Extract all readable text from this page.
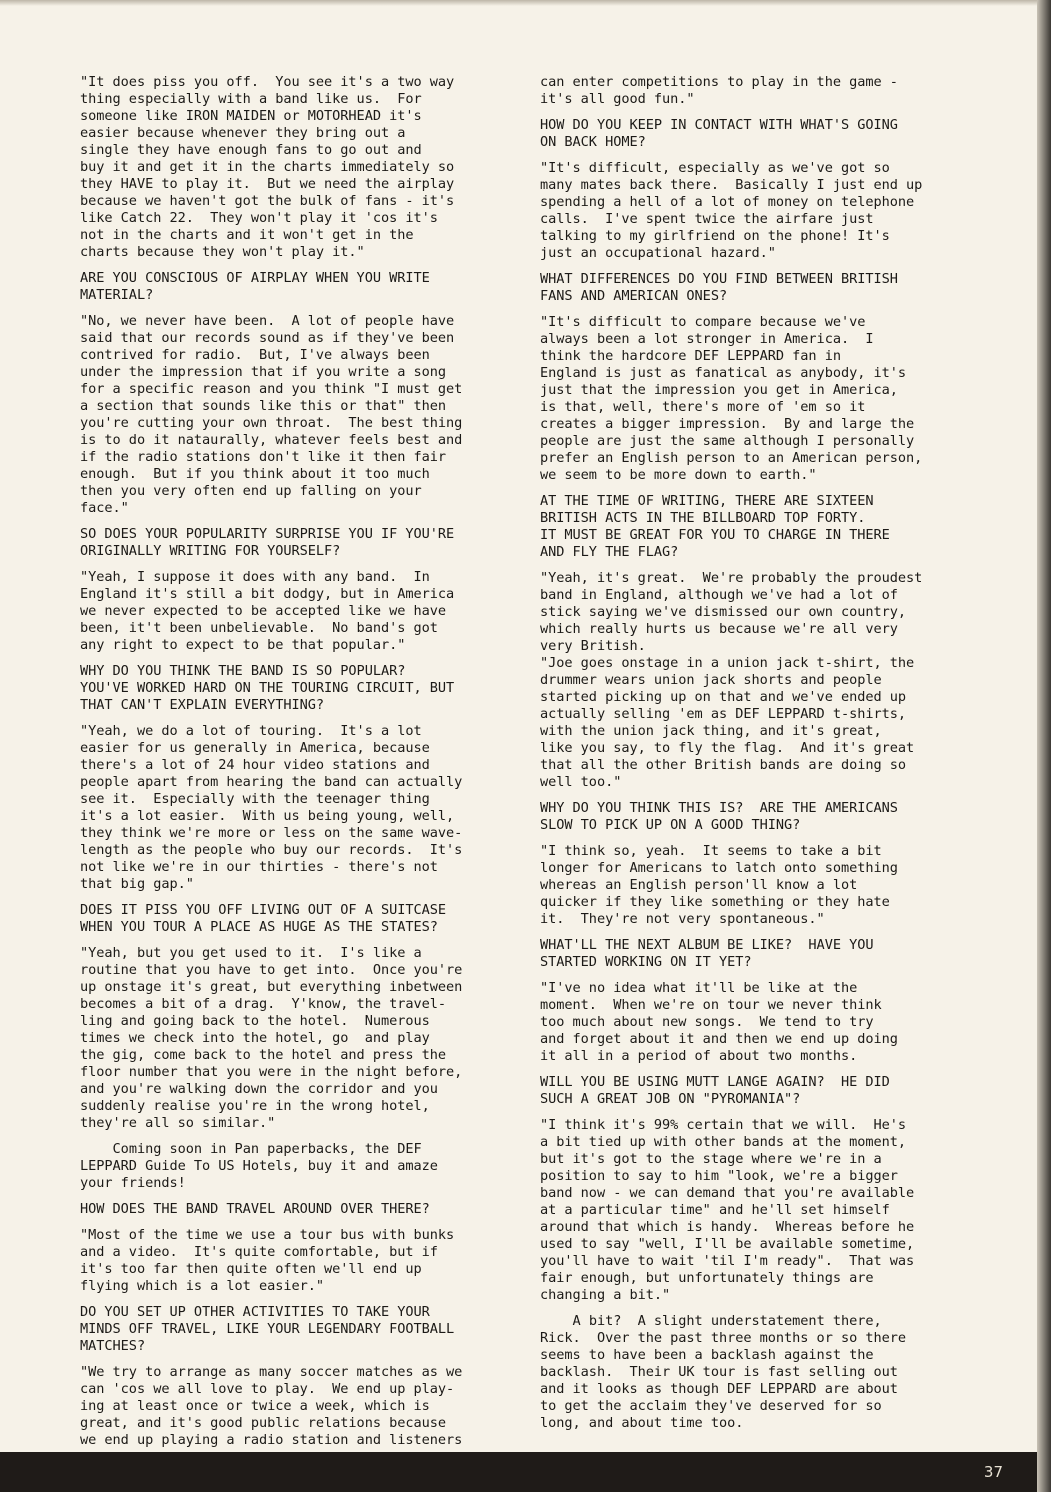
"It does piss you off.  You see it's a two way
thing especially with a band like us.  For
someone like IRON MAIDEN or MOTORHEAD it's
easier because whenever they bring out a
single they have enough fans to go out and
buy it and get it in the charts immediately so
they HAVE to play it.  But we need the airplay
because we haven't got the bulk of fans - it's
like Catch 22.  They won't play it 'cos it's
not in the charts and it won't get in the
charts because they won't play it."

ARE YOU CONSCIOUS OF AIRPLAY WHEN YOU WRITE
MATERIAL?

"No, we never have been.  A lot of people have
said that our records sound as if they've been
contrived for radio.  But, I've always been
under the impression that if you write a song
for a specific reason and you think "I must get
a section that sounds like this or that" then
you're cutting your own throat.  The best thing
is to do it nataurally, whatever feels best and
if the radio stations don't like it then fair
enough.  But if you think about it too much
then you very often end up falling on your
face."

SO DOES YOUR POPULARITY SURPRISE YOU IF YOU'RE
ORIGINALLY WRITING FOR YOURSELF?

"Yeah, I suppose it does with any band.  In
England it's still a bit dodgy, but in America
we never expected to be accepted like we have
been, it't been unbelievable.  No band's got
any right to expect to be that popular."

WHY DO YOU THINK THE BAND IS SO POPULAR?
YOU'VE WORKED HARD ON THE TOURING CIRCUIT, BUT
THAT CAN'T EXPLAIN EVERYTHING?

"Yeah, we do a lot of touring.  It's a lot
easier for us generally in America, because
there's a lot of 24 hour video stations and
people apart from hearing the band can actually
see it.  Especially with the teenager thing
it's a lot easier.  With us being young, well,
they think we're more or less on the same wave-
length as the people who buy our records.  It's
not like we're in our thirties - there's not
that big gap."

DOES IT PISS YOU OFF LIVING OUT OF A SUITCASE
WHEN YOU TOUR A PLACE AS HUGE AS THE STATES?

"Yeah, but you get used to it.  I's like a
routine that you have to get into.  Once you're
up onstage it's great, but everything inbetween
becomes a bit of a drag.  Y'know, the travel-
ling and going back to the hotel.  Numerous
times we check into the hotel, go  and play
the gig, come back to the hotel and press the
floor number that you were in the night before,
and you're walking down the corridor and you
suddenly realise you're in the wrong hotel,
they're all so similar."

Coming soon in Pan paperbacks, the DEF
LEPPARD Guide To US Hotels, buy it and amaze
your friends!

HOW DOES THE BAND TRAVEL AROUND OVER THERE?

"Most of the time we use a tour bus with bunks
and a video.  It's quite comfortable, but if
it's too far then quite often we'll end up
flying which is a lot easier."

DO YOU SET UP OTHER ACTIVITIES TO TAKE YOUR
MINDS OFF TRAVEL, LIKE YOUR LEGENDARY FOOTBALL
MATCHES?

"We try to arrange as many soccer matches as we
can 'cos we all love to play.  We end up play-
ing at least once or twice a week, which is
great, and it's good public relations because
we end up playing a radio station and listeners

can enter competitions to play in the game -
it's all good fun."

HOW DO YOU KEEP IN CONTACT WITH WHAT'S GOING
ON BACK HOME?

"It's difficult, especially as we've got so
many mates back there.  Basically I just end up
spending a hell of a lot of money on telephone
calls.  I've spent twice the airfare just
talking to my girlfriend on the phone! It's
just an occupational hazard."

WHAT DIFFERENCES DO YOU FIND BETWEEN BRITISH
FANS AND AMERICAN ONES?

"It's difficult to compare because we've
always been a lot stronger in America.  I
think the hardcore DEF LEPPARD fan in
England is just as fanatical as anybody, it's
just that the impression you get in America,
is that, well, there's more of 'em so it
creates a bigger impression.  By and large the
people are just the same although I personally
prefer an English person to an American person,
we seem to be more down to earth."

AT THE TIME OF WRITING, THERE ARE SIXTEEN
BRITISH ACTS IN THE BILLBOARD TOP FORTY.
IT MUST BE GREAT FOR YOU TO CHARGE IN THERE
AND FLY THE FLAG?

"Yeah, it's great.  We're probably the proudest
band in England, although we've had a lot of
stick saying we've dismissed our own country,
which really hurts us because we're all very
very British.
"Joe goes onstage in a union jack t-shirt, the
drummer wears union jack shorts and people
started picking up on that and we've ended up
actually selling 'em as DEF LEPPARD t-shirts,
with the union jack thing, and it's great,
like you say, to fly the flag.  And it's great
that all the other British bands are doing so
well too."

WHY DO YOU THINK THIS IS?  ARE THE AMERICANS
SLOW TO PICK UP ON A GOOD THING?

"I think so, yeah.  It seems to take a bit
longer for Americans to latch onto something
whereas an English person'll know a lot
quicker if they like something or they hate
it.  They're not very spontaneous."

WHAT'LL THE NEXT ALBUM BE LIKE?  HAVE YOU
STARTED WORKING ON IT YET?

"I've no idea what it'll be like at the
moment.  When we're on tour we never think
too much about new songs.  We tend to try
and forget about it and then we end up doing
it all in a period of about two months.

WILL YOU BE USING MUTT LANGE AGAIN?  HE DID
SUCH A GREAT JOB ON "PYROMANIA"?

"I think it's 99% certain that we will.  He's
a bit tied up with other bands at the moment,
but it's got to the stage where we're in a
position to say to him "look, we're a bigger
band now - we can demand that you're available
at a particular time" and he'll set himself
around that which is handy.  Whereas before he
used to say "well, I'll be available sometime,
you'll have to wait 'til I'm ready".  That was
fair enough, but unfortunately things are
changing a bit."

A bit?  A slight understatement there,
Rick.  Over the past three months or so there
seems to have been a backlash against the
backlash.  Their UK tour is fast selling out
and it looks as though DEF LEPPARD are about
to get the acclaim they've deserved for so
long, and about time too.

37
